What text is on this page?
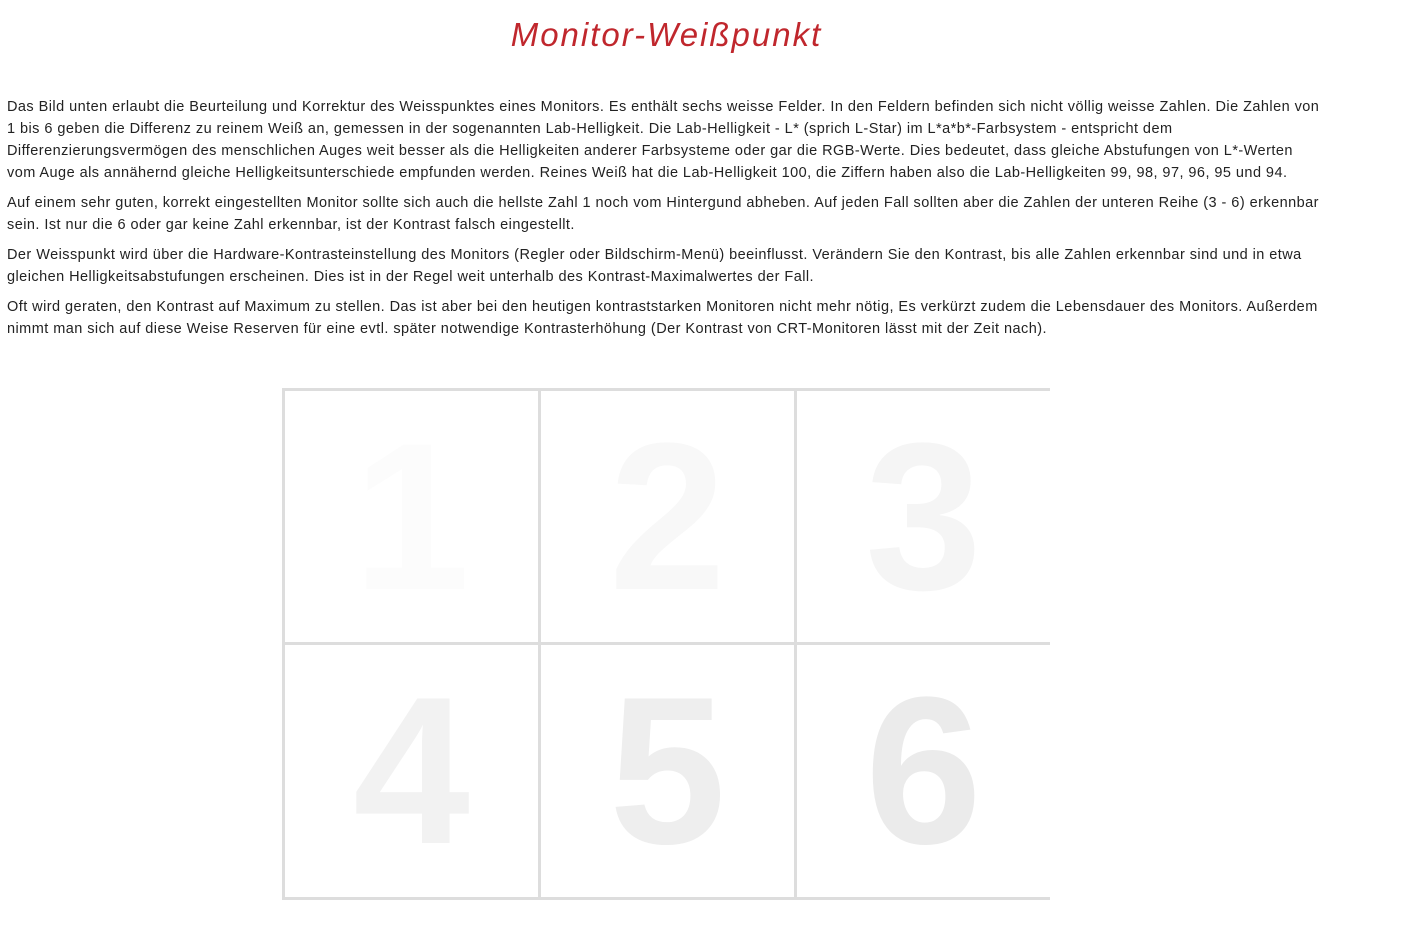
Monitor-Weißpunkt

Das Bild unten erlaubt die Beurteilung und Korrektur des Weisspunktes eines Monitors. Es enthält sechs weisse Felder. In den Feldern befinden sich nicht völlig weisse Zahlen. Die Zahlen von 1 bis 6 geben die Differenz zu reinem Weiß an, gemessen in der sogenannten Lab-Helligkeit. Die Lab-Helligkeit - L* (sprich L-Star) im L*a*b*-Farbsystem - entspricht dem Differenzierungsvermögen des menschlichen Auges weit besser als die Helligkeiten anderer Farbsysteme oder gar die RGB-Werte. Dies bedeutet, dass gleiche Abstufungen von L*-Werten vom Auge als annähernd gleiche Helligkeitsunterschiede empfunden werden. Reines Weiß hat die Lab-Helligkeit 100, die Ziffern haben also die Lab-Helligkeiten 99, 98, 97, 96, 95 und 94.

Auf einem sehr guten, korrekt eingestellten Monitor sollte sich auch die hellste Zahl 1 noch vom Hintergund abheben. Auf jeden Fall sollten aber die Zahlen der unteren Reihe (3 - 6) erkennbar sein. Ist nur die 6 oder gar keine Zahl erkennbar, ist der Kontrast falsch eingestellt.

Der Weisspunkt wird über die Hardware-Kontrasteinstellung des Monitors (Regler oder Bildschirm-Menü) beeinflusst. Verändern Sie den Kontrast, bis alle Zahlen erkennbar sind und in etwa gleichen Helligkeitsabstufungen erscheinen. Dies ist in der Regel weit unterhalb des Kontrast-Maximalwertes der Fall.

Oft wird geraten, den Kontrast auf Maximum zu stellen. Das ist aber bei den heutigen kontraststarken Monitoren nicht mehr nötig, Es verkürzt zudem die Lebensdauer des Monitors. Außerdem nimmt man sich auf diese Weise Reserven für eine evtl. später notwendige Kontrasterhöhung (Der Kontrast von CRT-Monitoren lässt mit der Zeit nach).

1 2 3
4 5 6
